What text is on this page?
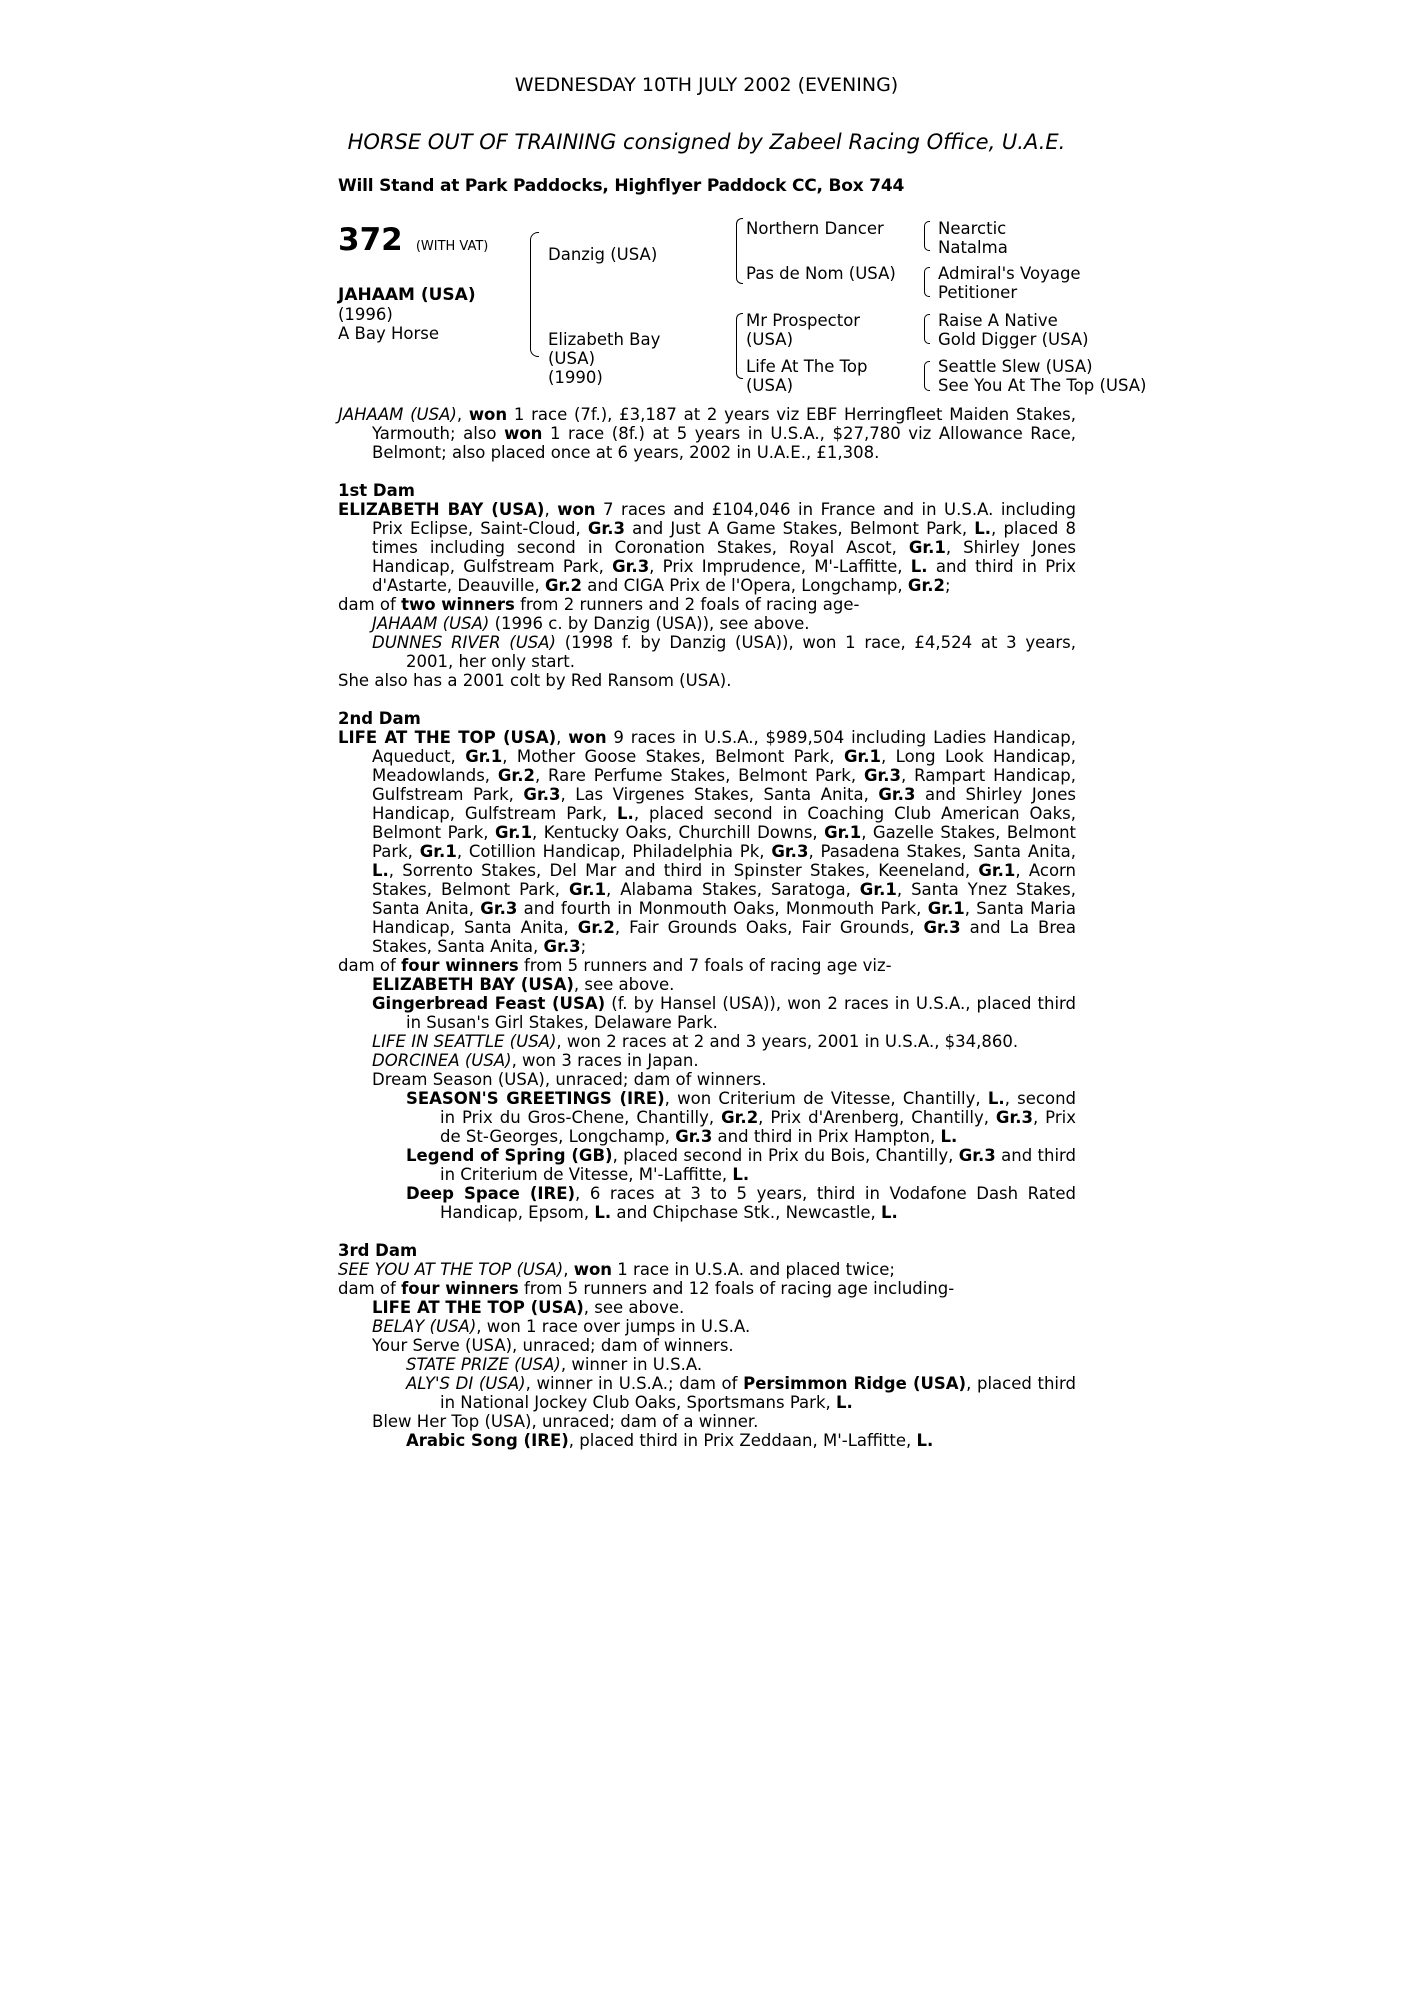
WEDNESDAY 10TH JULY 2002 (EVENING)
HORSE OUT OF TRAINING consigned by Zabeel Racing Office, U.A.E.
Will Stand at Park Paddocks, Highflyer Paddock CC, Box 744
372 (WITH VAT)
JAHAAM (USA)
(1996)
A Bay Horse
Danzig (USA)
Elizabeth Bay
(USA)
(1990)
Northern Dancer
Pas de Nom (USA)
Mr Prospector
(USA)
Life At The Top
(USA)
Nearctic
Natalma
Admiral's Voyage
Petitioner
Raise A Native
Gold Digger (USA)
Seattle Slew (USA)
See You At The Top (USA)
JAHAAM (USA), won 1 race (7f.), £3,187 at 2 years viz EBF Herringfleet Maiden Stakes, Yarmouth; also won 1 race (8f.) at 5 years in U.S.A., $27,780 viz Allowance Race, Belmont; also placed once at 6 years, 2002 in U.A.E., £1,308.
1st Dam
ELIZABETH BAY (USA), won 7 races and £104,046 in France and in U.S.A. including Prix Eclipse, Saint-Cloud, Gr.3 and Just A Game Stakes, Belmont Park, L., placed 8 times including second in Coronation Stakes, Royal Ascot, Gr.1, Shirley Jones Handicap, Gulfstream Park, Gr.3, Prix Imprudence, M'-Laffitte, L. and third in Prix d'Astarte, Deauville, Gr.2 and CIGA Prix de l'Opera, Longchamp, Gr.2;
dam of two winners from 2 runners and 2 foals of racing age-
JAHAAM (USA) (1996 c. by Danzig (USA)), see above.
DUNNES RIVER (USA) (1998 f. by Danzig (USA)), won 1 race, £4,524 at 3 years, 2001, her only start.
She also has a 2001 colt by Red Ransom (USA).
2nd Dam
LIFE AT THE TOP (USA), won 9 races in U.S.A., $989,504 including Ladies Handicap, Aqueduct, Gr.1, Mother Goose Stakes, Belmont Park, Gr.1, Long Look Handicap, Meadowlands, Gr.2, Rare Perfume Stakes, Belmont Park, Gr.3, Rampart Handicap, Gulfstream Park, Gr.3, Las Virgenes Stakes, Santa Anita, Gr.3 and Shirley Jones Handicap, Gulfstream Park, L., placed second in Coaching Club American Oaks, Belmont Park, Gr.1, Kentucky Oaks, Churchill Downs, Gr.1, Gazelle Stakes, Belmont Park, Gr.1, Cotillion Handicap, Philadelphia Pk, Gr.3, Pasadena Stakes, Santa Anita, L., Sorrento Stakes, Del Mar and third in Spinster Stakes, Keeneland, Gr.1, Acorn Stakes, Belmont Park, Gr.1, Alabama Stakes, Saratoga, Gr.1, Santa Ynez Stakes, Santa Anita, Gr.3 and fourth in Monmouth Oaks, Monmouth Park, Gr.1, Santa Maria Handicap, Santa Anita, Gr.2, Fair Grounds Oaks, Fair Grounds, Gr.3 and La Brea Stakes, Santa Anita, Gr.3;
dam of four winners from 5 runners and 7 foals of racing age viz-
ELIZABETH BAY (USA), see above.
Gingerbread Feast (USA) (f. by Hansel (USA)), won 2 races in U.S.A., placed third in Susan's Girl Stakes, Delaware Park.
LIFE IN SEATTLE (USA), won 2 races at 2 and 3 years, 2001 in U.S.A., $34,860.
DORCINEA (USA), won 3 races in Japan.
Dream Season (USA), unraced; dam of winners.
SEASON'S GREETINGS (IRE), won Criterium de Vitesse, Chantilly, L., second in Prix du Gros-Chene, Chantilly, Gr.2, Prix d'Arenberg, Chantilly, Gr.3, Prix de St-Georges, Longchamp, Gr.3 and third in Prix Hampton, L.
Legend of Spring (GB), placed second in Prix du Bois, Chantilly, Gr.3 and third in Criterium de Vitesse, M'-Laffitte, L.
Deep Space (IRE), 6 races at 3 to 5 years, third in Vodafone Dash Rated Handicap, Epsom, L. and Chipchase Stk., Newcastle, L.
3rd Dam
SEE YOU AT THE TOP (USA), won 1 race in U.S.A. and placed twice;
dam of four winners from 5 runners and 12 foals of racing age including-
LIFE AT THE TOP (USA), see above.
BELAY (USA), won 1 race over jumps in U.S.A.
Your Serve (USA), unraced; dam of winners.
STATE PRIZE (USA), winner in U.S.A.
ALY'S DI (USA), winner in U.S.A.; dam of Persimmon Ridge (USA), placed third in National Jockey Club Oaks, Sportsmans Park, L.
Blew Her Top (USA), unraced; dam of a winner.
Arabic Song (IRE), placed third in Prix Zeddaan, M'-Laffitte, L.
